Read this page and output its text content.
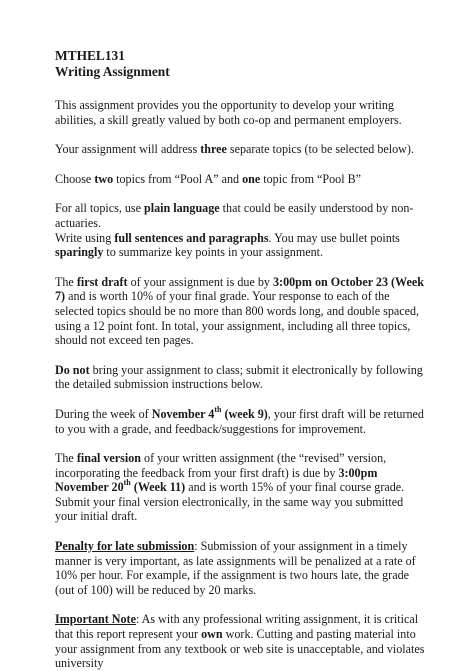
MTHEL131
Writing Assignment

This assignment provides you the opportunity to develop your writing abilities, a skill greatly valued by both co-op and permanent employers.

Your assignment will address three separate topics (to be selected below).

Choose two topics from “Pool A” and one topic from “Pool B”

For all topics, use plain language that could be easily understood by non-actuaries.
Write using full sentences and paragraphs. You may use bullet points sparingly to summarize key points in your assignment.

The first draft of your assignment is due by 3:00pm on October 23 (Week 7) and is worth 10% of your final grade. Your response to each of the selected topics should be no more than 800 words long, and double spaced, using a 12 point font. In total, your assignment, including all three topics, should not exceed ten pages.

Do not bring your assignment to class; submit it electronically by following the detailed submission instructions below.

During the week of November 4th (week 9), your first draft will be returned to you with a grade, and feedback/suggestions for improvement.

The final version of your written assignment (the “revised” version, incorporating the feedback from your first draft) is due by 3:00pm November 20th (Week 11) and is worth 15% of your final course grade. Submit your final version electronically, in the same way you submitted your initial draft.

Penalty for late submission: Submission of your assignment in a timely manner is very important, as late assignments will be penalized at a rate of 10% per hour. For example, if the assignment is two hours late, the grade (out of 100) will be reduced by 20 marks.

Important Note: As with any professional writing assignment, it is critical that this report represent your own work. Cutting and pasting material into your assignment from any textbook or web site is unacceptable, and violates university
